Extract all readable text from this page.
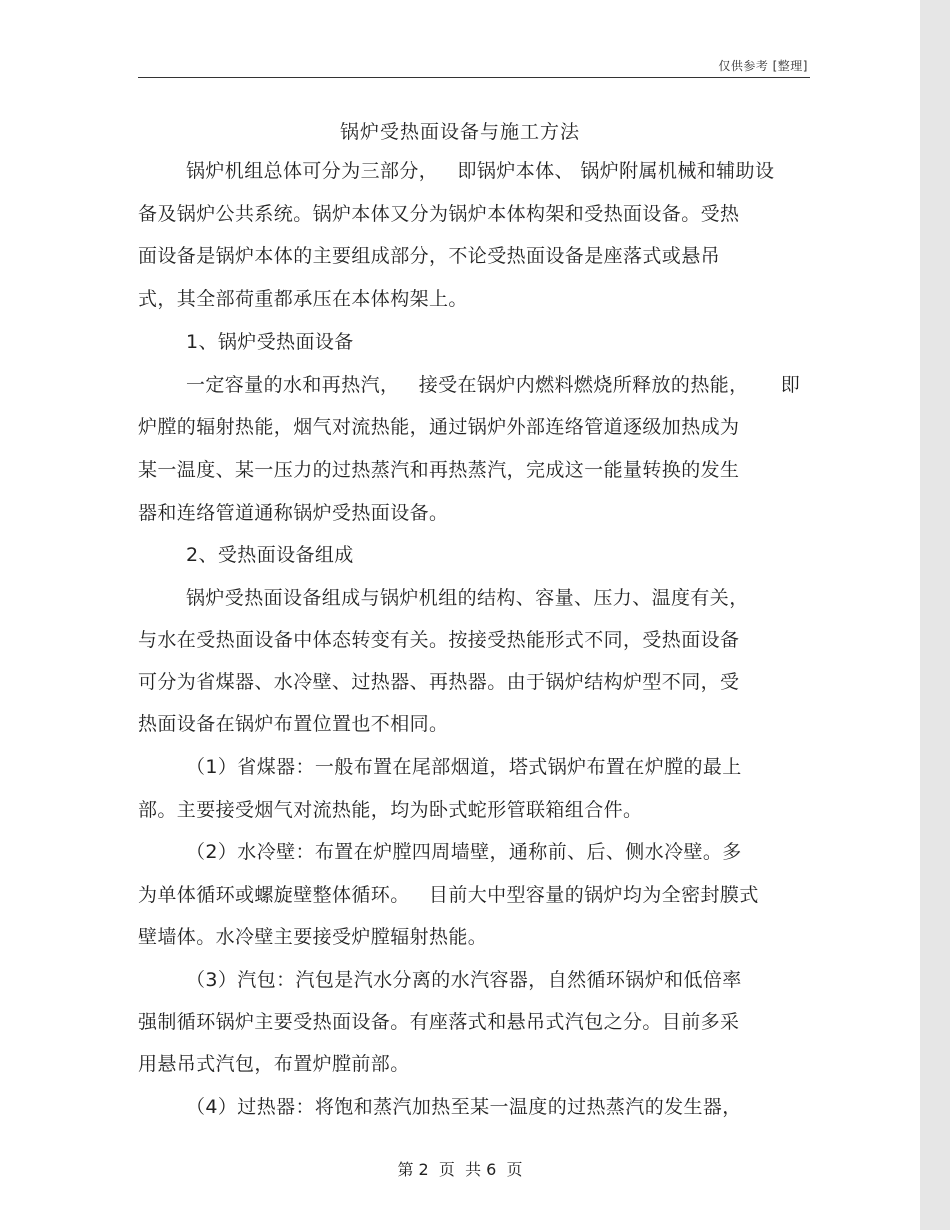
仅供参考 [整理]
锅炉受热面设备与施工方法
锅炉机组总体可分为三部分，   即锅炉本体、 锅炉附属机械和辅助设
备及锅炉公共系统。锅炉本体又分为锅炉本体构架和受热面设备。受热
面设备是锅炉本体的主要组成部分，不论受热面设备是座落式或悬吊
式，其全部荷重都承压在本体构架上。
1、锅炉受热面设备
一定容量的水和再热汽，   接受在锅炉内燃料燃烧所释放的热能，     即
炉膛的辐射热能，烟气对流热能，通过锅炉外部连络管道逐级加热成为
某一温度、某一压力的过热蒸汽和再热蒸汽，完成这一能量转换的发生
器和连络管道通称锅炉受热面设备。
2、受热面设备组成
锅炉受热面设备组成与锅炉机组的结构、容量、压力、温度有关，
与水在受热面设备中体态转变有关。按接受热能形式不同，受热面设备
可分为省煤器、水冷壁、过热器、再热器。由于锅炉结构炉型不同，受
热面设备在锅炉布置位置也不相同。
（1）省煤器：一般布置在尾部烟道，塔式锅炉布置在炉膛的最上
部。主要接受烟气对流热能，均为卧式蛇形管联箱组合件。
（2）水冷壁：布置在炉膛四周墙壁，通称前、后、侧水冷壁。多
为单体循环或螺旋壁整体循环。   目前大中型容量的锅炉均为全密封膜式
壁墙体。水冷壁主要接受炉膛辐射热能。
（3）汽包：汽包是汽水分离的水汽容器，自然循环锅炉和低倍率
强制循环锅炉主要受热面设备。有座落式和悬吊式汽包之分。目前多采
用悬吊式汽包，布置炉膛前部。
（4）过热器：将饱和蒸汽加热至某一温度的过热蒸汽的发生器，
第 2  页  共 6  页
